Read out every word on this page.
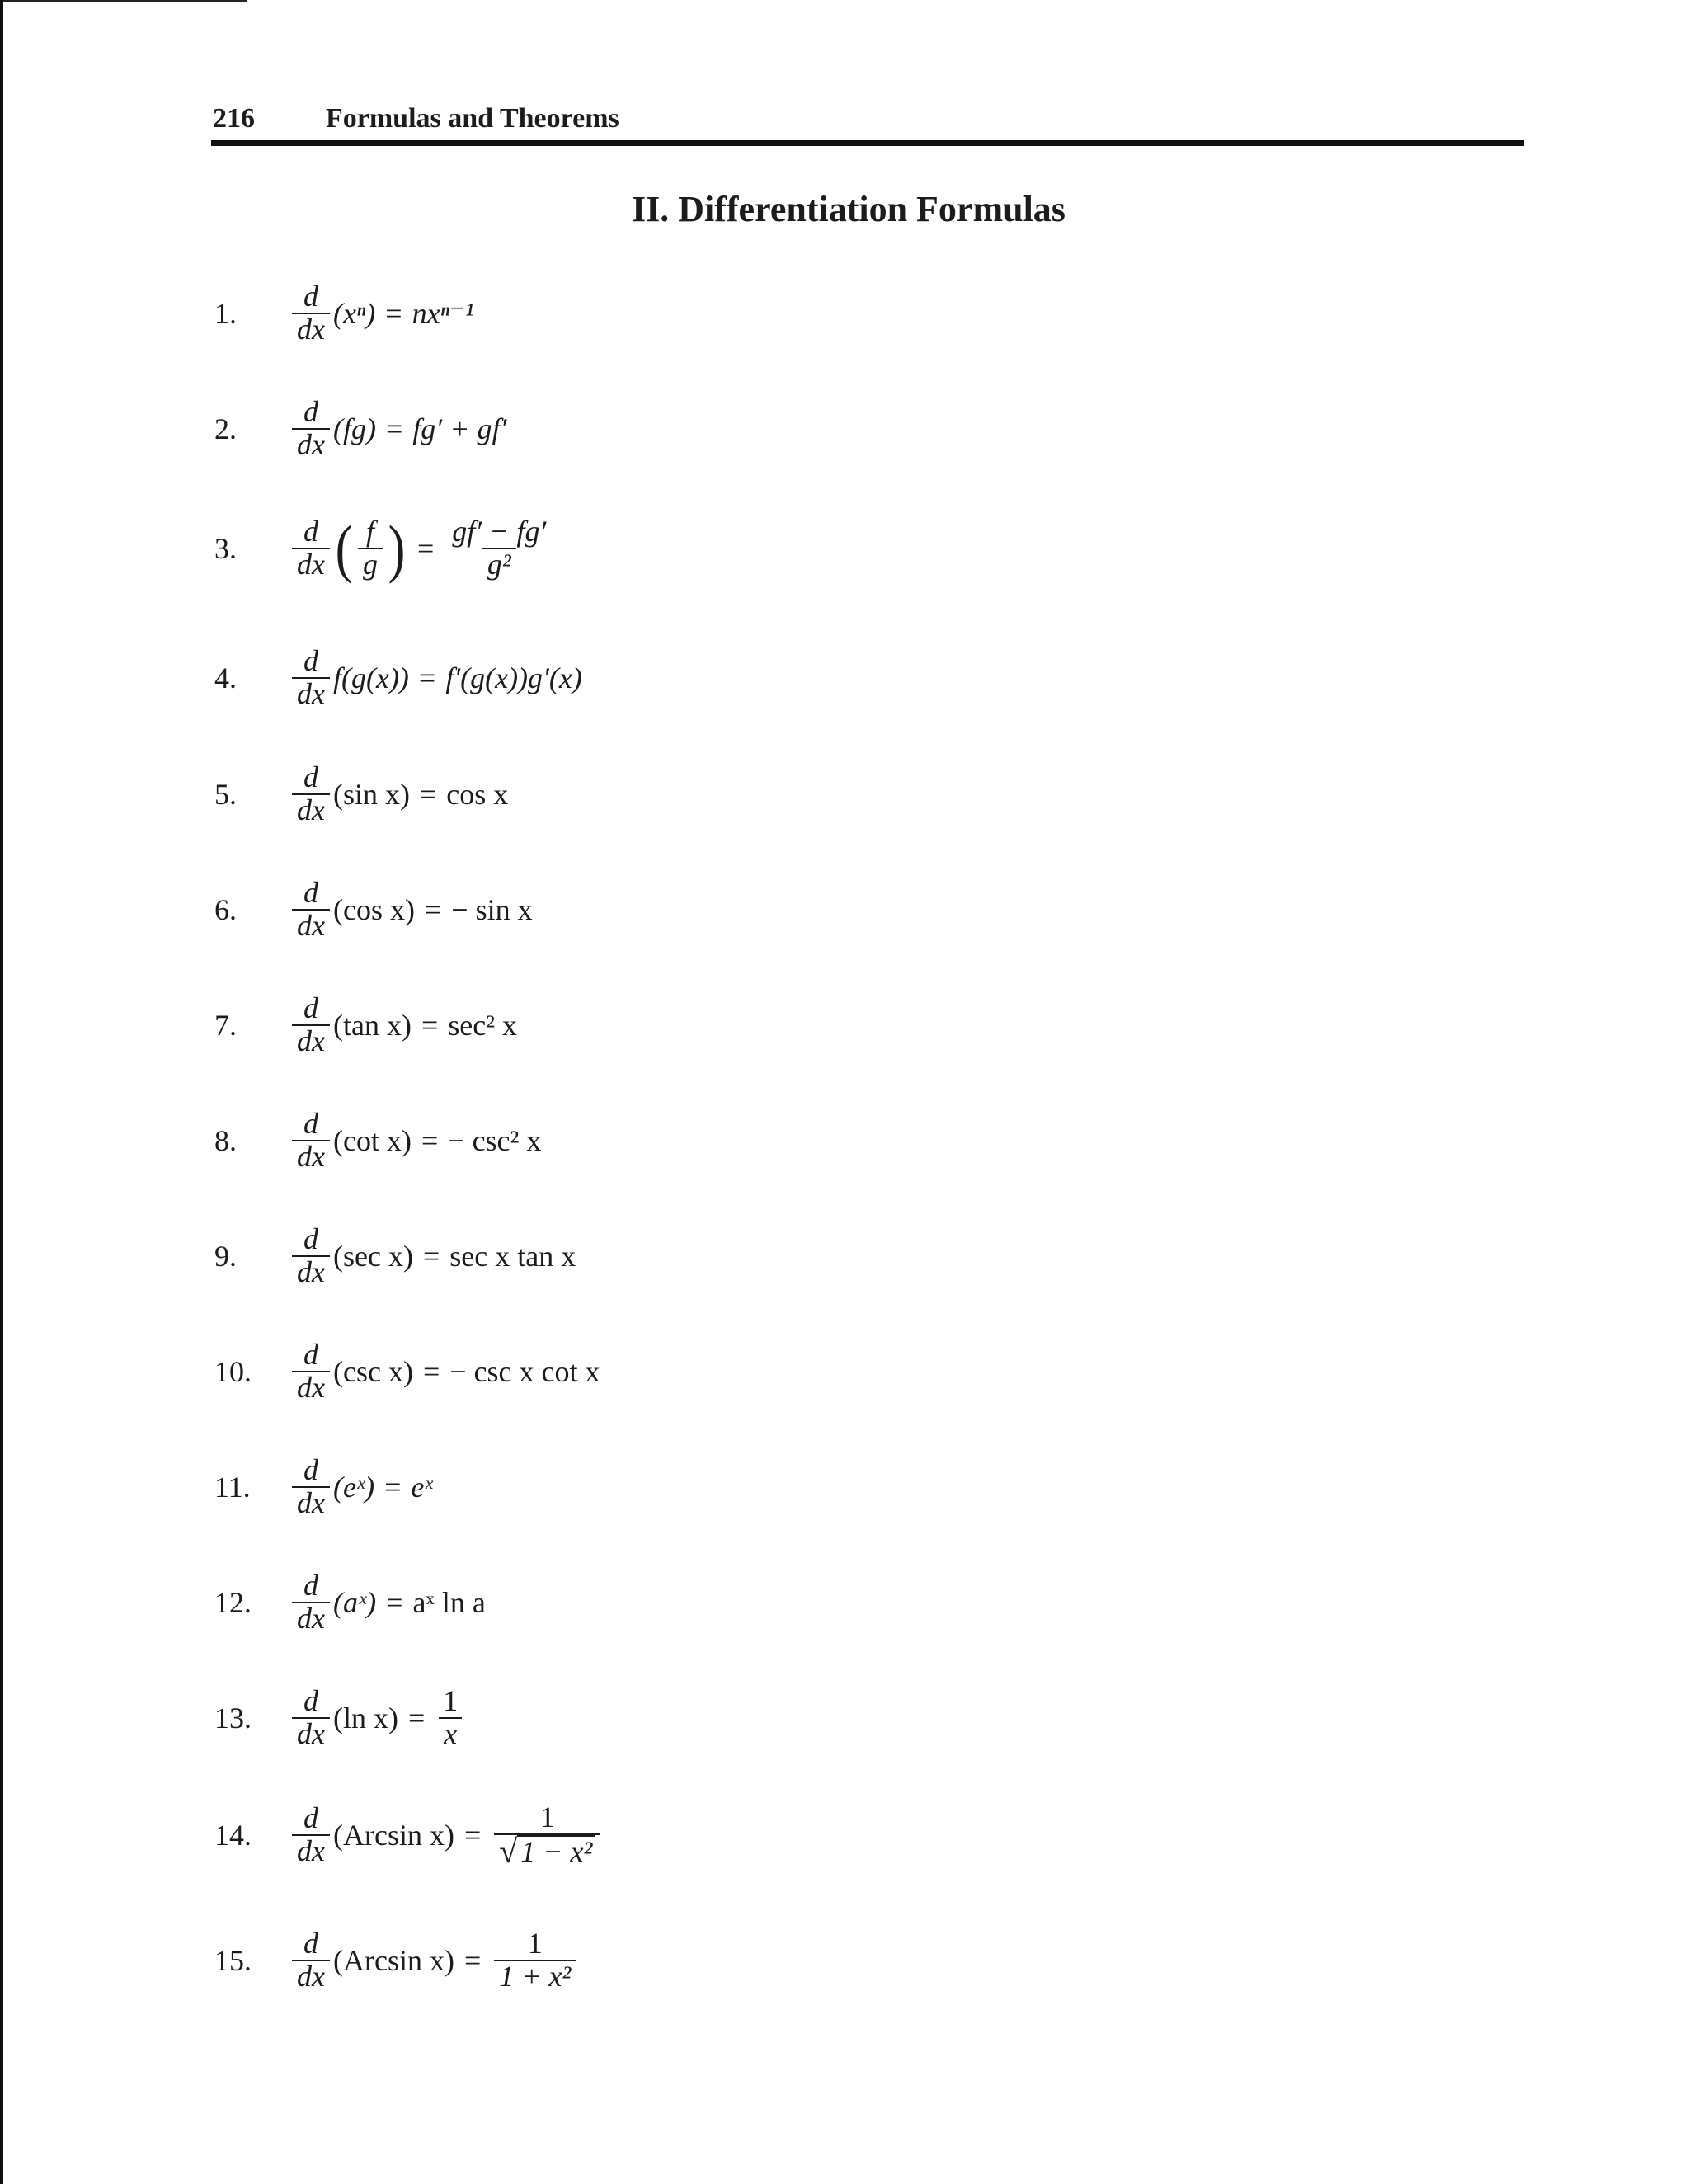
216	Formulas and Theorems
II. Differentiation Formulas
1.	$\frac{d}{dx} (x^n) = nx^{n-1}$
2.	$\frac{d}{dx} (fg) = fg' + gf'$
3.	$\frac{d}{dx}$ ( $\frac{f}{g}$ ) = $\frac{gf' - fg'}{\text{g²}}$
4.	$\frac{d}{dx} f(g(x)) = f'(g(x))g'(x)$
5.	$\frac{d}{dx} (\sin$ x) = cos x
6.	$\frac{d}{dx} (\cos$ x) = − sin x
7.	$\frac{d}{dx} (\tan$ x) = sec² x
8.	$\frac{d}{dx} (\cot$ x) = − csc² x
9.	$\frac{d}{dx} (\sec$ x) = sec x tan x
10.	$\frac{d}{dx} (\csc$ x) = − csc x cot x
11.	$\frac{d}{dx}$ (eˣ) = eˣ
12.	$\frac{d}{dx}$ (aˣ) = aˣ ln a
13.	$\frac{d}{dx} (\ln$ $x) = \frac{1}{x}$
14.	$\frac{d}{dx} (Arcsin$ $x) = \frac{1}{\text{√ 1 − x²}}$
15.	$\frac{d}{dx} (Arcsin$ $x) = \frac{1}{\text{1 + x²}}$
